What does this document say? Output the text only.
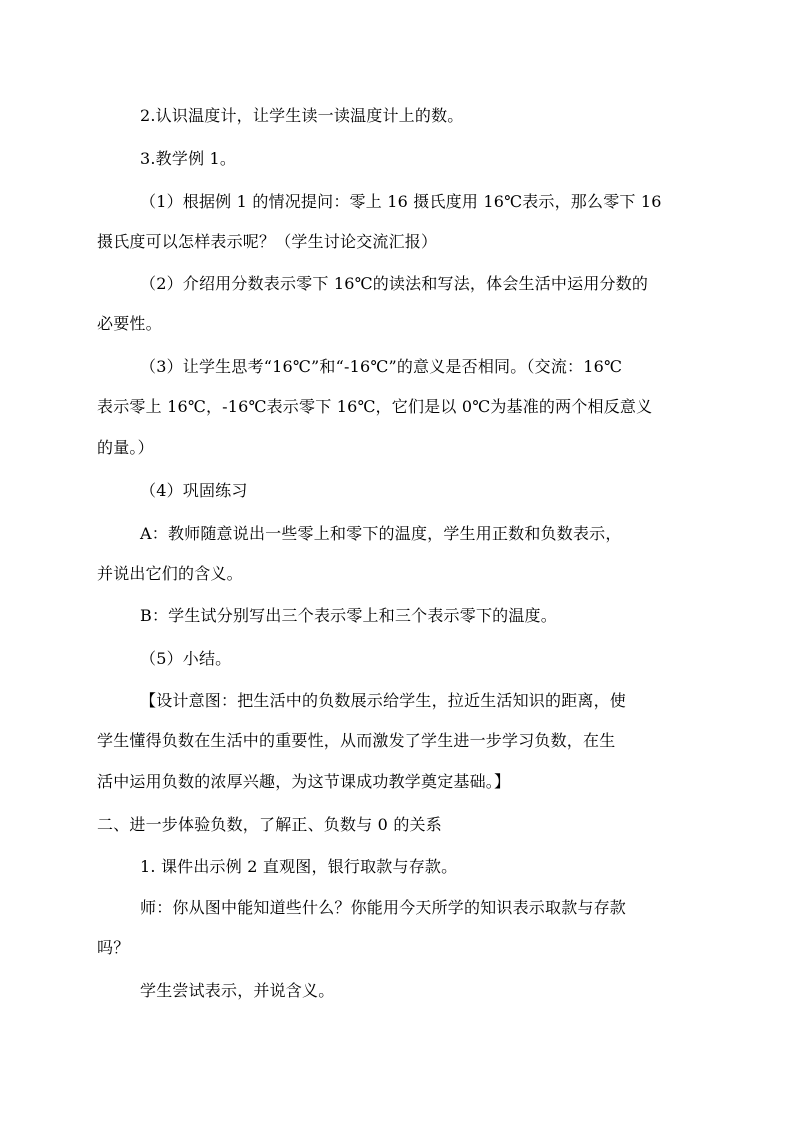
2.认识温度计，让学生读一读温度计上的数。
3.教学例 1。
（1）根据例 1 的情况提问：零上 16 摄氏度用 16℃表示，那么零下 16
摄氏度可以怎样表示呢？（学生讨论交流汇报）
（2）介绍用分数表示零下 16℃的读法和写法，体会生活中运用分数的
必要性。
（3）让学生思考“16℃”和“-16℃”的意义是否相同。（交流：16℃
表示零上 16℃，-16℃表示零下 16℃，它们是以 0℃为基准的两个相反意义
的量。）
（4）巩固练习
A：教师随意说出一些零上和零下的温度，学生用正数和负数表示，
并说出它们的含义。
B：学生试分别写出三个表示零上和三个表示零下的温度。
（5）小结。
【设计意图：把生活中的负数展示给学生，拉近生活知识的距离，使
学生懂得负数在生活中的重要性，从而激发了学生进一步学习负数，在生
活中运用负数的浓厚兴趣，为这节课成功教学奠定基础。】
二、进一步体验负数，了解正、负数与 0 的关系
1. 课件出示例 2 直观图，银行取款与存款。
师：你从图中能知道些什么？你能用今天所学的知识表示取款与存款
吗？
学生尝试表示，并说含义。
